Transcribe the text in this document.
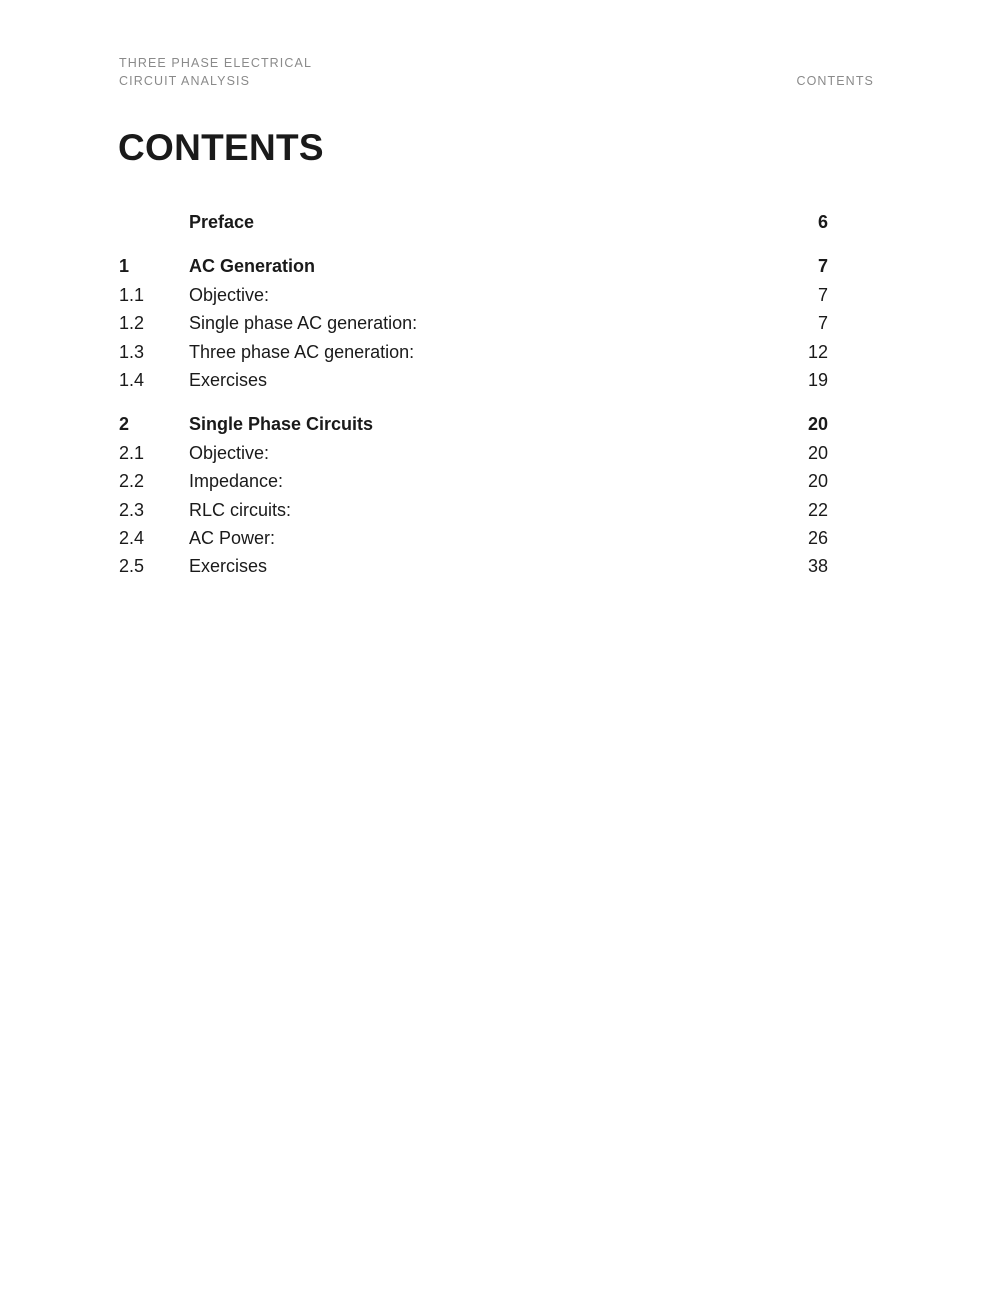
THREE PHASE ELECTRICAL
CIRCUIT ANALYSIS	CONTENTS
CONTENTS
Preface	6
1	AC Generation	7
1.1 Objective:	7
1.2 Single phase AC generation:	7
1.3 Three phase AC generation:	12
1.4 Exercises	19
2	Single Phase Circuits	20
2.1 Objective:	20
2.2 Impedance:	20
2.3 RLC circuits:	22
2.4 AC Power:	26
2.5 Exercises	38
